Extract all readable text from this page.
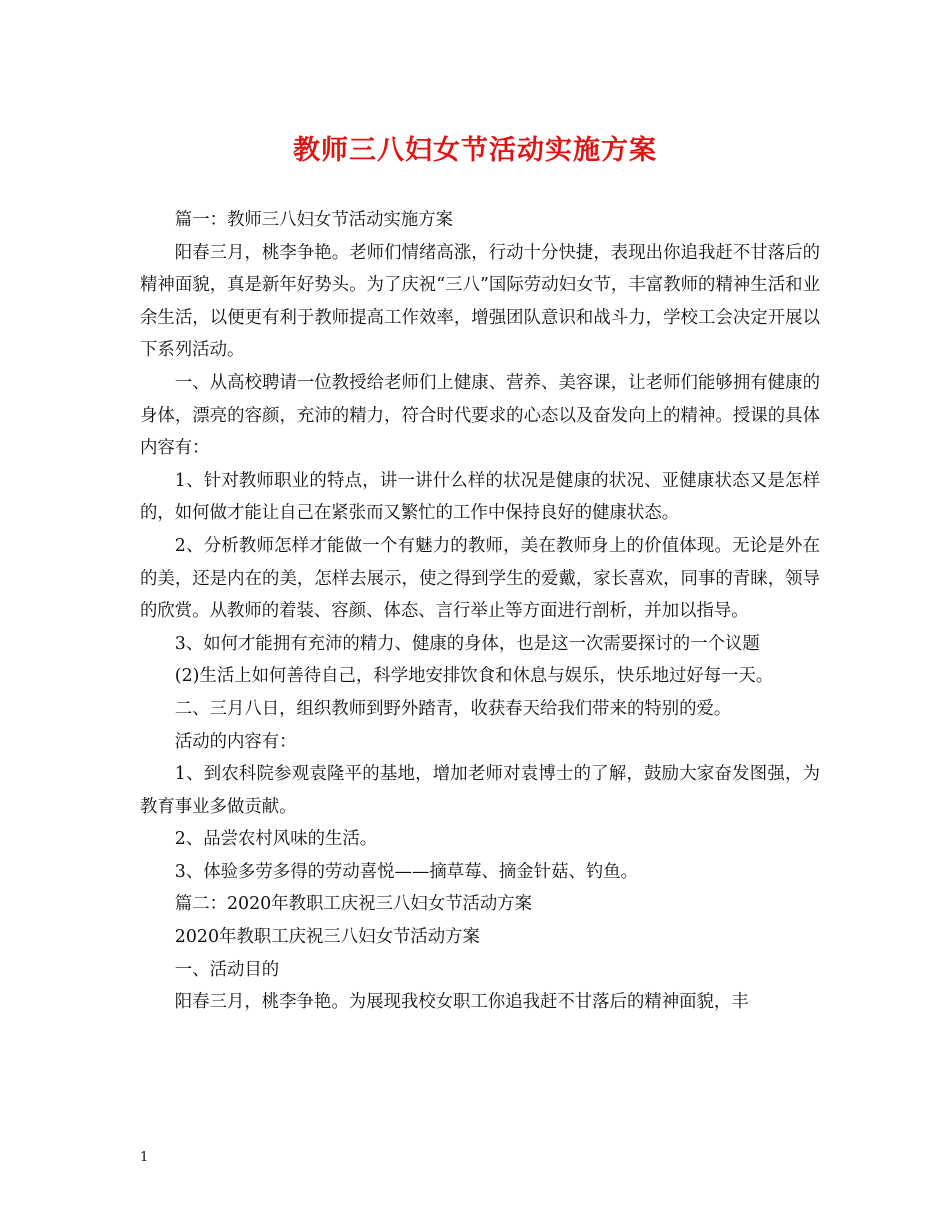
教师三八妇女节活动实施方案

篇一：教师三八妇女节活动实施方案

阳春三月，桃李争艳。老师们情绪高涨，行动十分快捷，表现出你追我赶不甘落后的精神面貌，真是新年好势头。为了庆祝“三八”国际劳动妇女节，丰富教师的精神生活和业余生活，以便更有利于教师提高工作效率，增强团队意识和战斗力，学校工会决定开展以下系列活动。

一、从高校聘请一位教授给老师们上健康、营养、美容课，让老师们能够拥有健康的身体，漂亮的容颜，充沛的精力，符合时代要求的心态以及奋发向上的精神。授课的具体内容有：

1、针对教师职业的特点，讲一讲什么样的状况是健康的状况、亚健康状态又是怎样的，如何做才能让自己在紧张而又繁忙的工作中保持良好的健康状态。

2、分析教师怎样才能做一个有魅力的教师，美在教师身上的价值体现。无论是外在的美，还是内在的美，怎样去展示，使之得到学生的爱戴，家长喜欢，同事的青睐，领导的欣赏。从教师的着装、容颜、体态、言行举止等方面进行剖析，并加以指导。

3、如何才能拥有充沛的精力、健康的身体，也是这一次需要探讨的一个议题

(2)生活上如何善待自己，科学地安排饮食和休息与娱乐，快乐地过好每一天。

二、三月八日，组织教师到野外踏青，收获春天给我们带来的特别的爱。

活动的内容有：

1、到农科院参观袁隆平的基地，增加老师对袁博士的了解，鼓励大家奋发图强，为教育事业多做贡献。

2、品尝农村风味的生活。

3、体验多劳多得的劳动喜悦——摘草莓、摘金针菇、钓鱼。

篇二：2020年教职工庆祝三八妇女节活动方案

2020年教职工庆祝三八妇女节活动方案

一、活动目的

阳春三月，桃李争艳。为展现我校女职工你追我赶不甘落后的精神面貌，丰

1
